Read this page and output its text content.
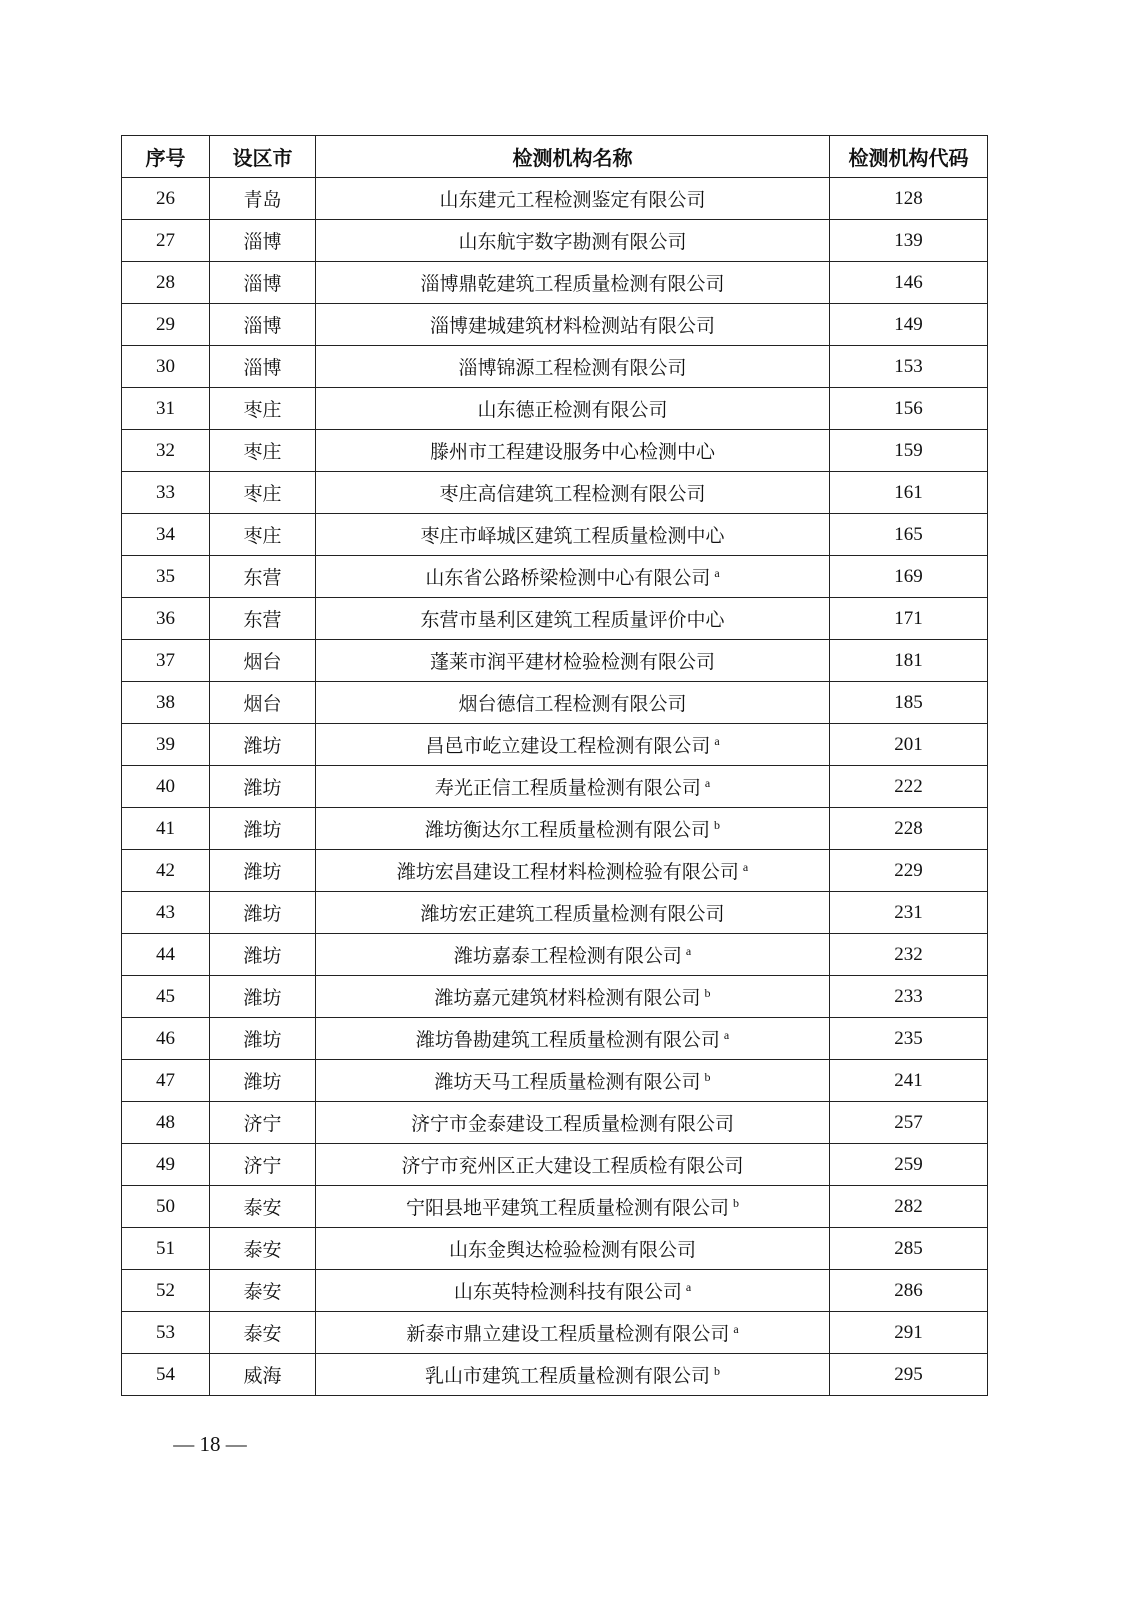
序号	设区市	检测机构名称	检测机构代码
26	青岛	山东建元工程检测鉴定有限公司	128
27	淄博	山东航宇数字勘测有限公司	139
28	淄博	淄博鼎乾建筑工程质量检测有限公司	146
29	淄博	淄博建城建筑材料检测站有限公司	149
30	淄博	淄博锦源工程检测有限公司	153
31	枣庄	山东德正检测有限公司	156
32	枣庄	滕州市工程建设服务中心检测中心	159
33	枣庄	枣庄高信建筑工程检测有限公司	161
34	枣庄	枣庄市峄城区建筑工程质量检测中心	165
35	东营	山东省公路桥梁检测中心有限公司 $^a$	169
36	东营	东营市垦利区建筑工程质量评价中心	171
37	烟台	蓬莱市润平建材检验检测有限公司	181
38	烟台	烟台德信工程检测有限公司	185
39	潍坊	昌邑市屹立建设工程检测有限公司 $^a$	201
40	潍坊	寿光正信工程质量检测有限公司 $^a$	222
41	潍坊	潍坊衡达尔工程质量检测有限公司 $^b$	228
42	潍坊	潍坊宏昌建设工程材料检测检验有限公司 $^a$	229
43	潍坊	潍坊宏正建筑工程质量检测有限公司	231
44	潍坊	潍坊嘉泰工程检测有限公司 $^a$	232
45	潍坊	潍坊嘉元建筑材料检测有限公司 $^b$	233
46	潍坊	潍坊鲁勘建筑工程质量检测有限公司 $^a$	235
47	潍坊	潍坊天马工程质量检测有限公司 $^b$	241
48	济宁	济宁市金泰建设工程质量检测有限公司	257
49	济宁	济宁市兖州区正大建设工程质检有限公司	259
50	泰安	宁阳县地平建筑工程质量检测有限公司 $^b$	282
51	泰安	山东金舆达检验检测有限公司	285
52	泰安	山东英特检测科技有限公司 $^a$	286
53	泰安	新泰市鼎立建设工程质量检测有限公司 $^a$	291
54	威海	乳山市建筑工程质量检测有限公司 $^b$	295
— 18 —
